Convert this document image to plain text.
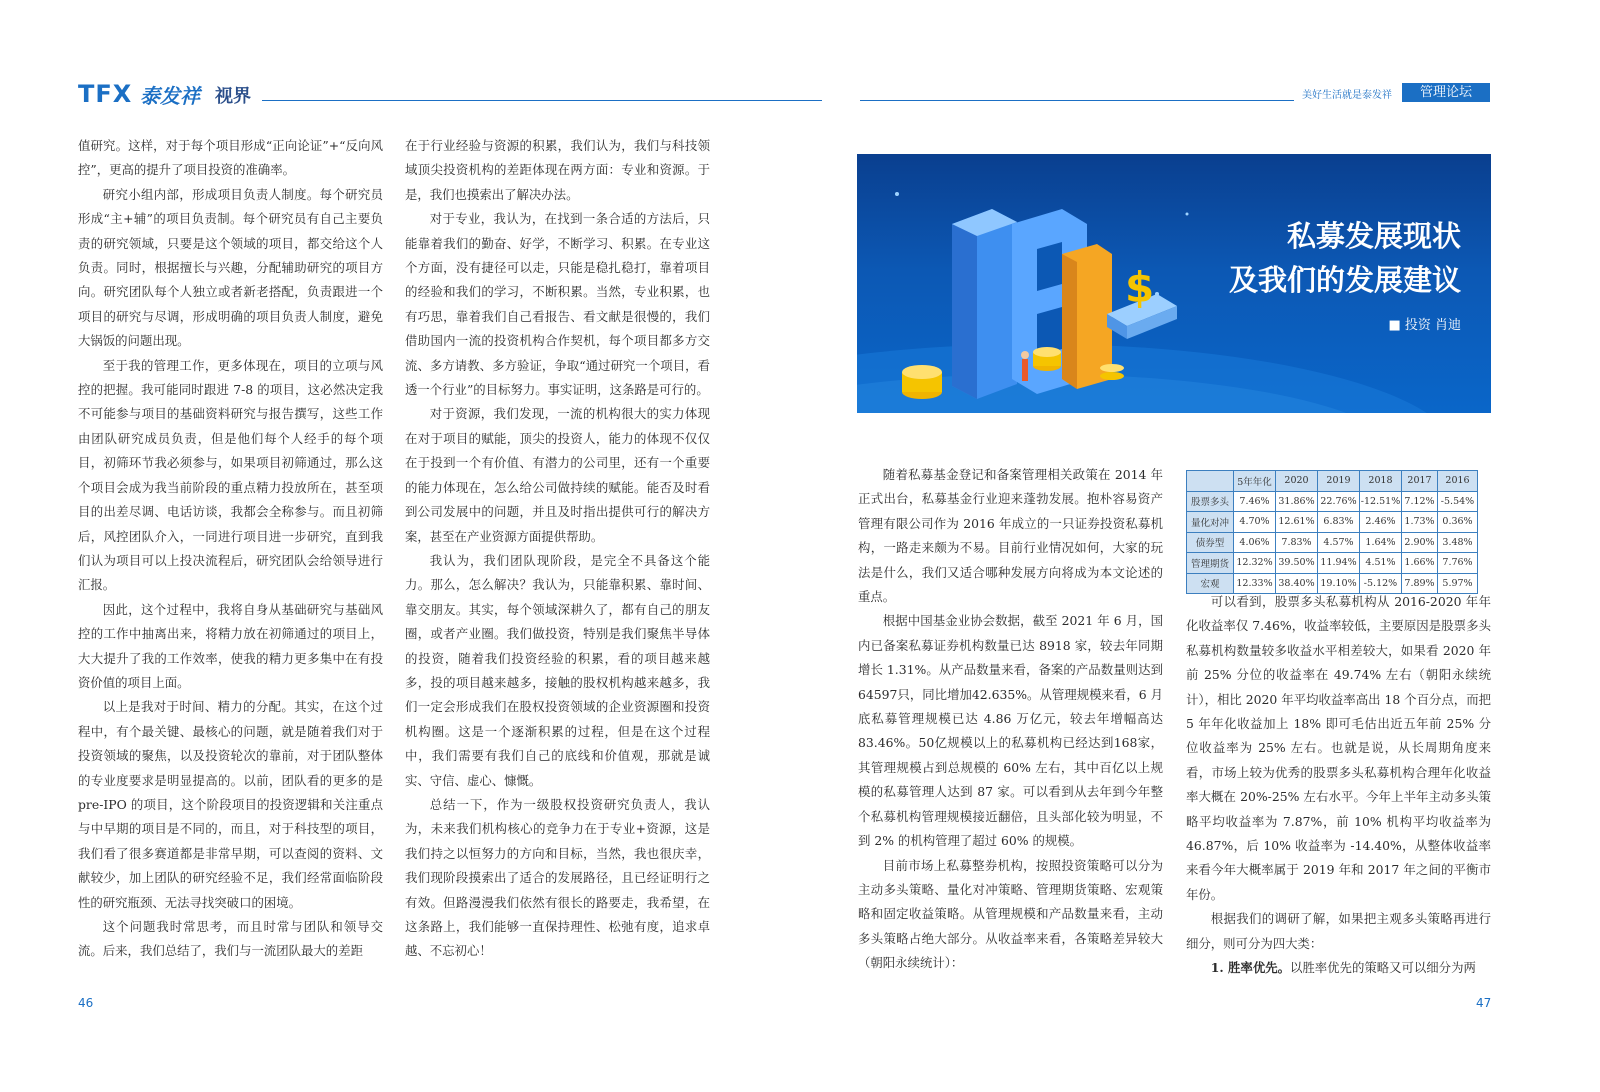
TFX 泰发祥 视界	美好生活就是泰发祥	管理论坛

值研究。这样，对于每个项目形成“正向论证”+“反向风控”，更高的提升了项目投资的准确率。

研究小组内部，形成项目负责人制度。每个研究员形成“主+辅”的项目负责制。每个研究员有自己主要负责的研究领域，只要是这个领域的项目，都交给这个人负责。同时，根据擅长与兴趣，分配辅助研究的项目方向。研究团队每个人独立或者新老搭配，负责跟进一个项目的研究与尽调，形成明确的项目负责人制度，避免大锅饭的问题出现。

至于我的管理工作，更多体现在，项目的立项与风控的把握。我可能同时跟进 7-8 的项目，这必然决定我不可能参与项目的基础资料研究与报告撰写，这些工作由团队研究成员负责，但是他们每个人经手的每个项目，初筛环节我必须参与，如果项目初筛通过，那么这个项目会成为我当前阶段的重点精力投放所在，甚至项目的出差尽调、电话访谈，我都会全称参与。而且初筛后，风控团队介入，一同进行项目进一步研究，直到我们认为项目可以上投决流程后，研究团队会给领导进行汇报。

因此，这个过程中，我将自身从基础研究与基础风控的工作中抽离出来，将精力放在初筛通过的项目上，大大提升了我的工作效率，使我的精力更多集中在有投资价值的项目上面。

以上是我对于时间、精力的分配。其实，在这个过程中，有个最关键、最核心的问题，就是随着我们对于投资领域的聚焦，以及投资轮次的靠前，对于团队整体的专业度要求是明显提高的。以前，团队看的更多的是 pre-IPO 的项目，这个阶段项目的投资逻辑和关注重点与中早期的项目是不同的，而且，对于科技型的项目，我们看了很多赛道都是非常早期，可以查阅的资料、文献较少，加上团队的研究经验不足，我们经常面临阶段性的研究瓶颈、无法寻找突破口的困境。

这个问题我时常思考，而且时常与团队和领导交流。后来，我们总结了，我们与一流团队最大的差距

在于行业经验与资源的积累，我们认为，我们与科技领域顶尖投资机构的差距体现在两方面：专业和资源。于是，我们也摸索出了解决办法。

对于专业，我认为，在找到一条合适的方法后，只能靠着我们的勤奋、好学，不断学习、积累。在专业这个方面，没有捷径可以走，只能是稳扎稳打，靠着项目的经验和我们的学习，不断积累。当然，专业积累，也有巧思，靠着我们自己看报告、看文献是很慢的，我们借助国内一流的投资机构合作契机，每个项目都多方交流、多方请教、多方验证，争取“通过研究一个项目，看透一个行业”的目标努力。事实证明，这条路是可行的。

对于资源，我们发现，一流的机构很大的实力体现在对于项目的赋能，顶尖的投资人，能力的体现不仅仅在于投到一个有价值、有潜力的公司里，还有一个重要的能力体现在，怎么给公司做持续的赋能。能否及时看到公司发展中的问题，并且及时指出提供可行的解决方案，甚至在产业资源方面提供帮助。

我认为，我们团队现阶段，是完全不具备这个能力。那么，怎么解决？我认为，只能靠积累、靠时间、靠交朋友。其实，每个领域深耕久了，都有自己的朋友圈，或者产业圈。我们做投资，特别是我们聚焦半导体的投资，随着我们投资经验的积累，看的项目越来越多，投的项目越来越多，接触的股权机构越来越多，我们一定会形成我们在股权投资领域的企业资源圈和投资机构圈。这是一个逐渐积累的过程，但是在这个过程中，我们需要有我们自己的底线和价值观，那就是诚实、守信、虚心、慷慨。

总结一下，作为一级股权投资研究负责人，我认为，未来我们机构核心的竞争力在于专业+资源，这是我们持之以恒努力的方向和目标，当然，我也很庆幸，我们现阶段摸索出了适合的发展路径，且已经证明行之有效。但路漫漫我们依然有很长的路要走，我希望，在这条路上，我们能够一直保持理性、松弛有度，追求卓越、不忘初心！

46
$
私募发展现状
及我们的发展建议
■ 投资 肖迪

随着私募基金登记和备案管理相关政策在 2014 年正式出台，私募基金行业迎来蓬勃发展。抱朴容易资产管理有限公司作为 2016 年成立的一只证券投资私募机构，一路走来颇为不易。目前行业情况如何，大家的玩法是什么，我们又适合哪种发展方向将成为本文论述的重点。

根据中国基金业协会数据，截至 2021 年 6 月，国内已备案私募证券机构数量已达 8918 家，较去年同期增长 1.31%。从产品数量来看，备案的产品数量则达到64597只，同比增加42.635%。从管理规模来看，6 月底私募管理规模已达 4.86 万亿元，较去年增幅高达83.46%。50亿规模以上的私募机构已经达到168家，其管理规模占到总规模的 60% 左右，其中百亿以上规模的私募管理人达到 87 家。可以看到从去年到今年整个私募机构管理规模接近翻倍，且头部化较为明显，不到 2% 的机构管理了超过 60% 的规模。

目前市场上私募整券机构，按照投资策略可以分为主动多头策略、量化对冲策略、管理期货策略、宏观策略和固定收益策略。从管理规模和产品数量来看，主动多头策略占绝大部分。从收益率来看，各策略差异较大（朝阳永续统计）：

	5年年化	2020	2019	2018	2017	2016
股票多头	7.46%	31.86%	22.76%	-12.51%	7.12%	-5.54%
量化对冲	4.70%	12.61%	6.83%	2.46%	1.73%	0.36%
债券型	4.06%	7.83%	4.57%	1.64%	2.90%	3.48%
管理期货	12.32%	39.50%	11.94%	4.51%	1.66%	7.76%
宏观	12.33%	38.40%	19.10%	-5.12%	7.89%	5.97%

可以看到，股票多头私募机构从 2016-2020 年年化收益率仅 7.46%，收益率较低，主要原因是股票多头私募机构数量较多收益水平相差较大，如果看 2020 年前 25% 分位的收益率在 49.74% 左右（朝阳永续统计），相比 2020 年平均收益率高出 18 个百分点，而把 5 年年化收益加上 18% 即可毛估出近五年前 25% 分位收益率为 25% 左右。也就是说，从长周期角度来看，市场上较为优秀的股票多头私募机构合理年化收益率大概在 20%-25% 左右水平。今年上半年主动多头策略平均收益率为 7.87%，前 10% 机构平均收益率为 46.87%，后 10% 收益率为 -14.40%，从整体收益率来看今年大概率属于 2019 年和 2017 年之间的平衡市年份。

根据我们的调研了解，如果把主观多头策略再进行细分，则可分为四大类：

1. 胜率优先。以胜率优先的策略又可以细分为两

47
